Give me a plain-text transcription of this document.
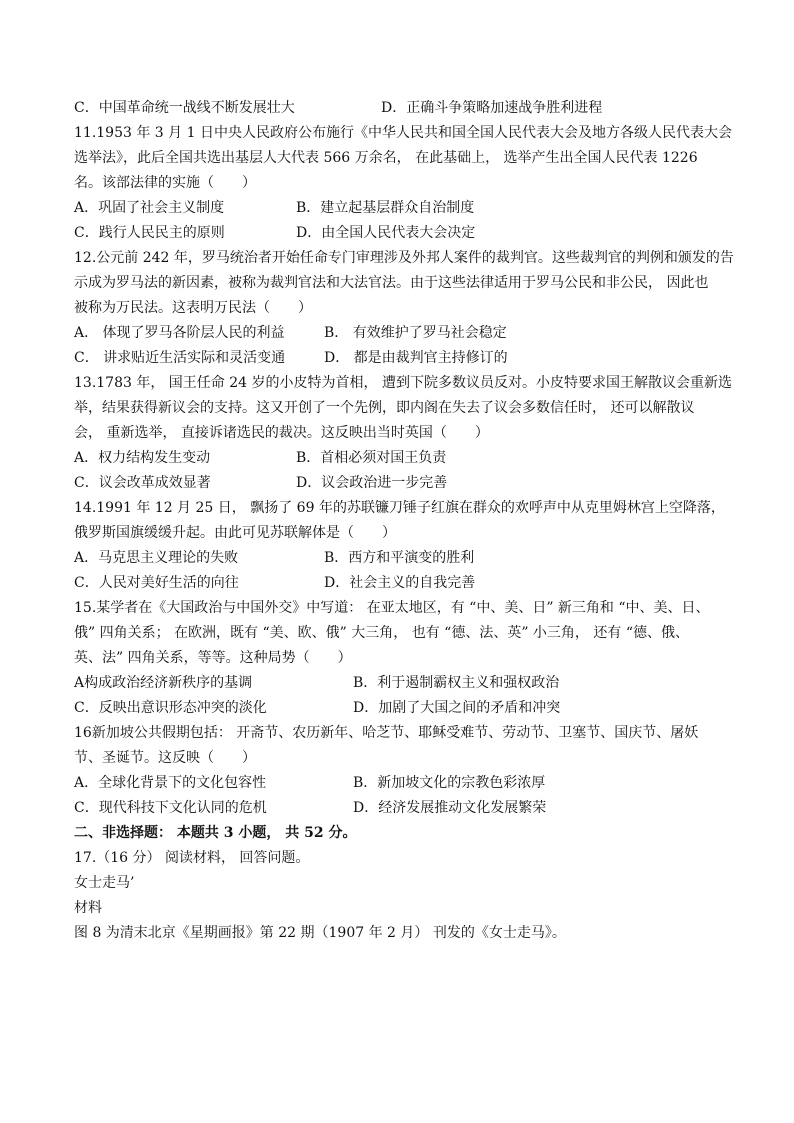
C．中国革命统一战线不断发展壮大	D．正确斗争策略加速战争胜利进程
11.1953 年 3 月 1 日中央人民政府公布施行《中华人民共和国全国人民代表大会及地方各级人民代表大会
选举法》，此后全国共选出基层人大代表 566 万余名， 在此基础上， 选举产生出全国人民代表 1226
名。该部法律的实施（　　）
A．巩固了社会主义制度	B．建立起基层群众自治制度
C．践行人民民主的原则	D．由全国人民代表大会决定
12.公元前 242 年，罗马统治者开始任命专门审理涉及外邦人案件的裁判官。这些裁判官的判例和颁发的告
示成为罗马法的新因素，被称为裁判官法和大法官法。由于这些法律适用于罗马公民和非公民， 因此也
被称为万民法。这表明万民法（　　）
A． 体现了罗马各阶层人民的利益	B． 有效维护了罗马社会稳定
C． 讲求贴近生活实际和灵活变通	D． 都是由裁判官主持修订的
13.1783 年， 国王任命 24 岁的小皮特为首相， 遭到下院多数议员反对。小皮特要求国王解散议会重新选
举，结果获得新议会的支持。这又开创了一个先例，即内阁在失去了议会多数信任时， 还可以解散议
会， 重新选举， 直接诉诸选民的裁决。这反映出当时英国（　　）
A．权力结构发生变动	B．首相必须对国王负责
C．议会改革成效显著	D．议会政治进一步完善
14.1991 年 12 月 25 日， 飘扬了 69 年的苏联镰刀锤子红旗在群众的欢呼声中从克里姆林宫上空降落，
俄罗斯国旗缓缓升起。由此可见苏联解体是（　　）
A．马克思主义理论的失败	B．西方和平演变的胜利
C．人民对美好生活的向往	D．社会主义的自我完善
15.某学者在《大国政治与中国外交》中写道： 在亚太地区，有 “中、美、日” 新三角和 “中、美、日、
俄” 四角关系； 在欧洲，既有 “美、欧、俄” 大三角， 也有 “德、法、英” 小三角， 还有 “德、俄、
英、法” 四角关系，等等。这种局势（　　）
A构成政治经济新秩序的基调	B．利于遏制霸权主义和强权政治
C．反映出意识形态冲突的淡化	D．加剧了大国之间的矛盾和冲突
16新加坡公共假期包括： 开斋节、农历新年、哈芝节、耶稣受难节、劳动节、卫塞节、国庆节、屠妖
节、圣诞节。这反映（　　）
A．全球化背景下的文化包容性	B．新加坡文化的宗教色彩浓厚
C．现代科技下文化认同的危机	D．经济发展推动文化发展繁荣
二、非选择题： 本题共 3 小题， 共 52 分。
17.（16 分） 阅读材料， 回答问题。
女士走马’
材料
图 8 为清末北京《星期画报》第 22 期（1907 年 2 月） 刊发的《女士走马》。
